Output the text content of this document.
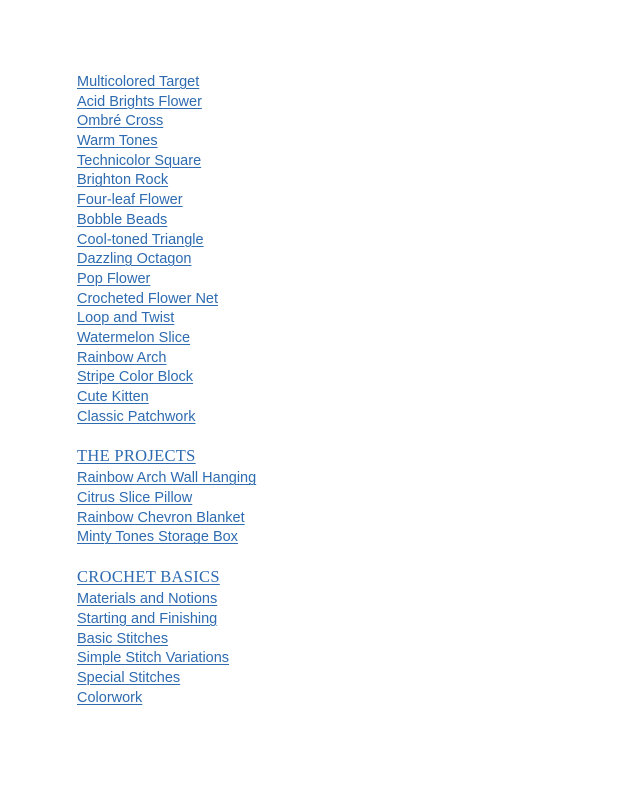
Multicolored Target
Acid Brights Flower
Ombré Cross
Warm Tones
Technicolor Square
Brighton Rock
Four-leaf Flower
Bobble Beads
Cool-toned Triangle
Dazzling Octagon
Pop Flower
Crocheted Flower Net
Loop and Twist
Watermelon Slice
Rainbow Arch
Stripe Color Block
Cute Kitten
Classic Patchwork
THE PROJECTS
Rainbow Arch Wall Hanging
Citrus Slice Pillow
Rainbow Chevron Blanket
Minty Tones Storage Box
CROCHET BASICS
Materials and Notions
Starting and Finishing
Basic Stitches
Simple Stitch Variations
Special Stitches
Colorwork
